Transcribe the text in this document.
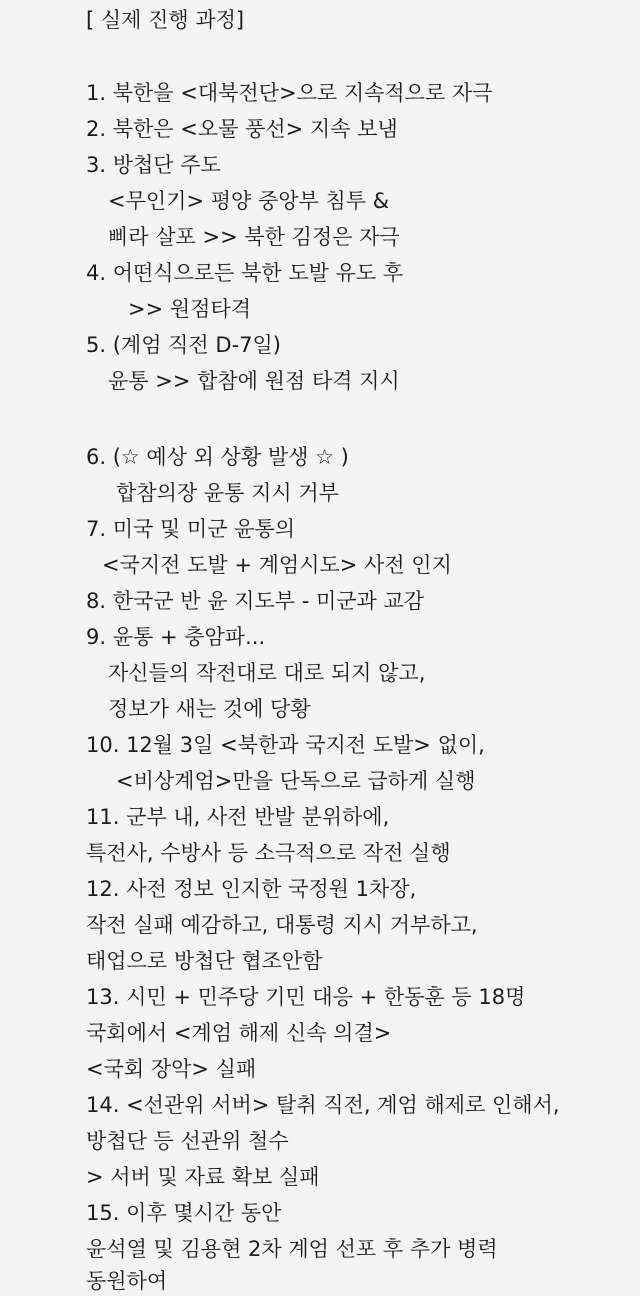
[ 실제 진행 과정]
1. 북한을 <대북전단>으로 지속적으로 자극
2. 북한은 <오물 풍선> 지속 보냄
3. 방첩단 주도
<무인기> 평양 중앙부 침투 &
삐라 살포 >> 북한 김정은 자극
4. 어떤식으로든 북한 도발 유도 후
>> 원점타격
5. (계엄 직전 D-7일)
윤통 >> 합참에 원점 타격 지시
6. (☆ 예상 외 상황 발생 ☆ )
합참의장 윤통 지시 거부
7. 미국 및 미군 윤통의
<국지전 도발 + 계엄시도> 사전 인지
8. 한국군 반 윤 지도부 - 미군과 교감
9. 윤통 + 충암파...
자신들의 작전대로 대로 되지 않고,
정보가 새는 것에 당황
10. 12월 3일 <북한과 국지전 도발> 없이,
<비상계엄>만을 단독으로 급하게 실행
11. 군부 내, 사전 반발 분위하에,
특전사, 수방사 등 소극적으로 작전 실행
12. 사전 정보 인지한 국정원 1차장,
작전 실패 예감하고, 대통령 지시 거부하고,
태업으로 방첩단 협조안함
13. 시민 + 민주당 기민 대응 + 한동훈 등 18명
국회에서 <계엄 해제 신속 의결>
<국회 장악> 실패
14. <선관위 서버> 탈취 직전, 계엄 해제로 인해서,
방첩단 등 선관위 철수
> 서버 및 자료 확보 실패
15. 이후 몇시간 동안
윤석열 및 김용현 2차 계엄 선포 후 추가 병력
동원하여
